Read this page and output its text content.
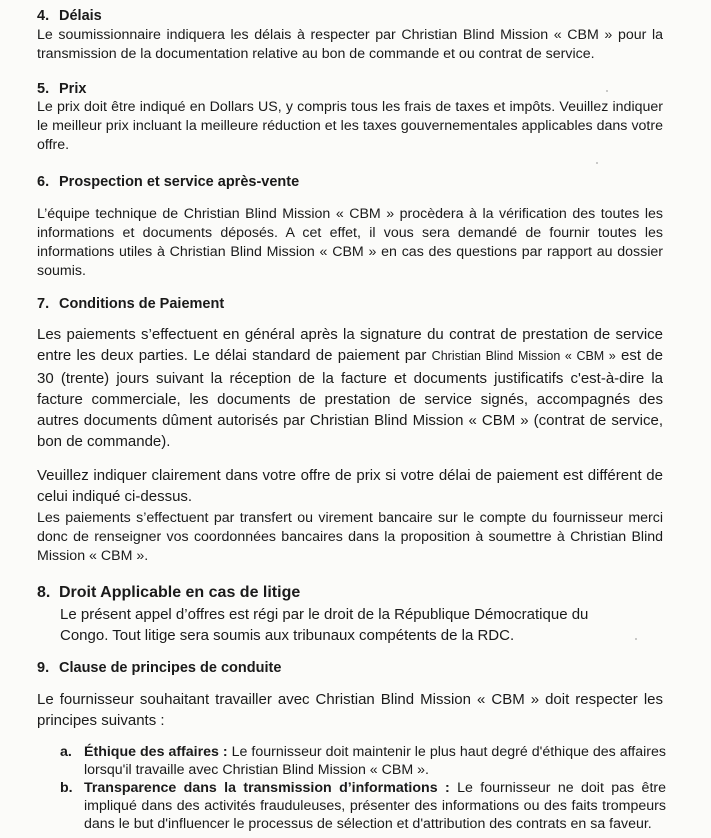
4. Délais
Le soumissionnaire indiquera les délais à respecter par Christian Blind Mission « CBM » pour la transmission de la documentation relative au bon de commande et ou contrat de service.
5. Prix
Le prix doit être indiqué en Dollars US, y compris tous les frais de taxes et impôts. Veuillez indiquer le meilleur prix incluant la meilleure réduction et les taxes gouvernementales applicables dans votre offre.
6. Prospection et service après-vente
L’équipe technique de Christian Blind Mission « CBM » procèdera à la vérification des toutes les informations et documents déposés. A cet effet, il vous sera demandé de fournir toutes les informations utiles à Christian Blind Mission « CBM » en cas des questions par rapport au dossier soumis.
7. Conditions de Paiement
Les paiements s’effectuent en général après la signature du contrat de prestation de service entre les deux parties. Le délai standard de paiement par Christian Blind Mission « CBM » est de 30 (trente) jours suivant la réception de la facture et documents justificatifs c'est-à-dire la facture commerciale, les documents de prestation de service signés, accompagnés des autres documents dûment autorisés par Christian Blind Mission « CBM » (contrat de service, bon de commande).
Veuillez indiquer clairement dans votre offre de prix si votre délai de paiement est différent de celui indiqué ci-dessus.
Les paiements s’effectuent par transfert ou virement bancaire sur le compte du fournisseur merci donc de renseigner vos coordonnées bancaires dans la proposition à soumettre à Christian Blind Mission « CBM ».
8. Droit Applicable en cas de litige
Le présent appel d’offres est régi par le droit de la République Démocratique du Congo. Tout litige sera soumis aux tribunaux compétents de la RDC.
9. Clause de principes de conduite
Le fournisseur souhaitant travailler avec Christian Blind Mission « CBM » doit respecter les principes suivants :
a. Éthique des affaires : Le fournisseur doit maintenir le plus haut degré d'éthique des affaires lorsqu'il travaille avec Christian Blind Mission « CBM ».
b. Transparence dans la transmission d’informations : Le fournisseur ne doit pas être impliqué dans des activités frauduleuses, présenter des informations ou des faits trompeurs dans le but d'influencer le processus de sélection et d'attribution des contrats en sa faveur.
